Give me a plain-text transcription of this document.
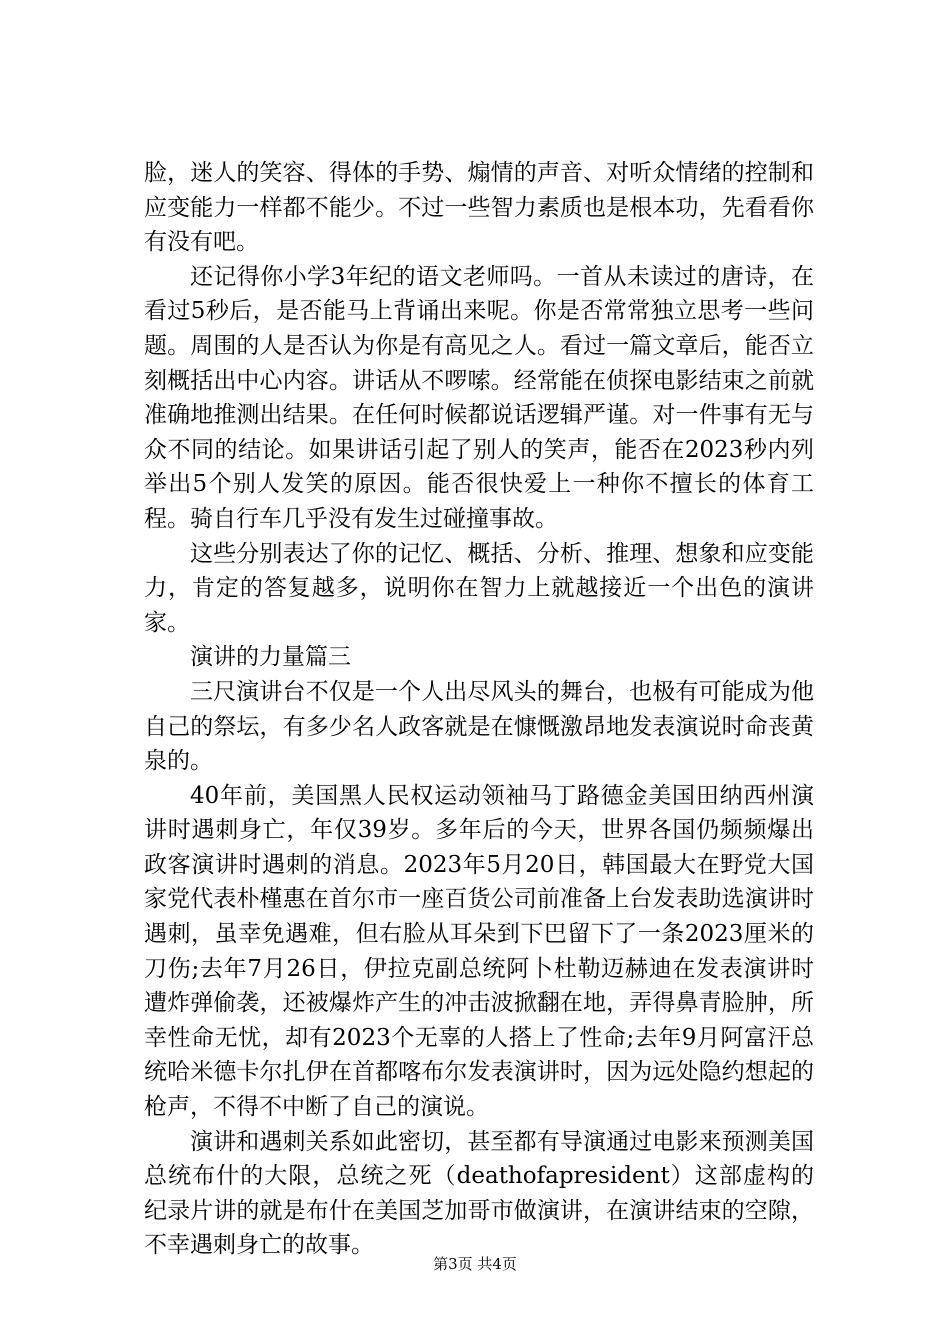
脸，迷人的笑容、得体的手势、煽情的声音、对听众情绪的控制和应变能力一样都不能少。不过一些智力素质也是根本功，先看看你有没有吧。

还记得你小学3年纪的语文老师吗。一首从未读过的唐诗，在看过5秒后，是否能马上背诵出来呢。你是否常常独立思考一些问题。周围的人是否认为你是有高见之人。看过一篇文章后，能否立刻概括出中心内容。讲话从不啰嗦。经常能在侦探电影结束之前就准确地推测出结果。在任何时候都说话逻辑严谨。对一件事有无与众不同的结论。如果讲话引起了别人的笑声，能否在2023秒内列举出5个别人发笑的原因。能否很快爱上一种你不擅长的体育工程。骑自行车几乎没有发生过碰撞事故。

这些分别表达了你的记忆、概括、分析、推理、想象和应变能力，肯定的答复越多，说明你在智力上就越接近一个出色的演讲家。

演讲的力量篇三

三尺演讲台不仅是一个人出尽风头的舞台，也极有可能成为他自己的祭坛，有多少名人政客就是在慷慨激昂地发表演说时命丧黄泉的。

40年前，美国黑人民权运动领袖马丁路德金美国田纳西州演讲时遇刺身亡，年仅39岁。多年后的今天，世界各国仍频频爆出政客演讲时遇刺的消息。2023年5月20日，韩国最大在野党大国家党代表朴槿惠在首尔市一座百货公司前准备上台发表助选演讲时遇刺，虽幸免遇难，但右脸从耳朵到下巴留下了一条2023厘米的刀伤;去年7月26日，伊拉克副总统阿卜杜勒迈赫迪在发表演讲时遭炸弹偷袭，还被爆炸产生的冲击波掀翻在地，弄得鼻青脸肿，所幸性命无忧，却有2023个无辜的人搭上了性命;去年9月阿富汗总统哈米德卡尔扎伊在首都喀布尔发表演讲时，因为远处隐约想起的枪声，不得不中断了自己的演说。

演讲和遇刺关系如此密切，甚至都有导演通过电影来预测美国总统布什的大限，总统之死（deathofapresident）这部虚构的纪录片讲的就是布什在美国芝加哥市做演讲，在演讲结束的空隙，不幸遇刺身亡的故事。

第3页 共4页
